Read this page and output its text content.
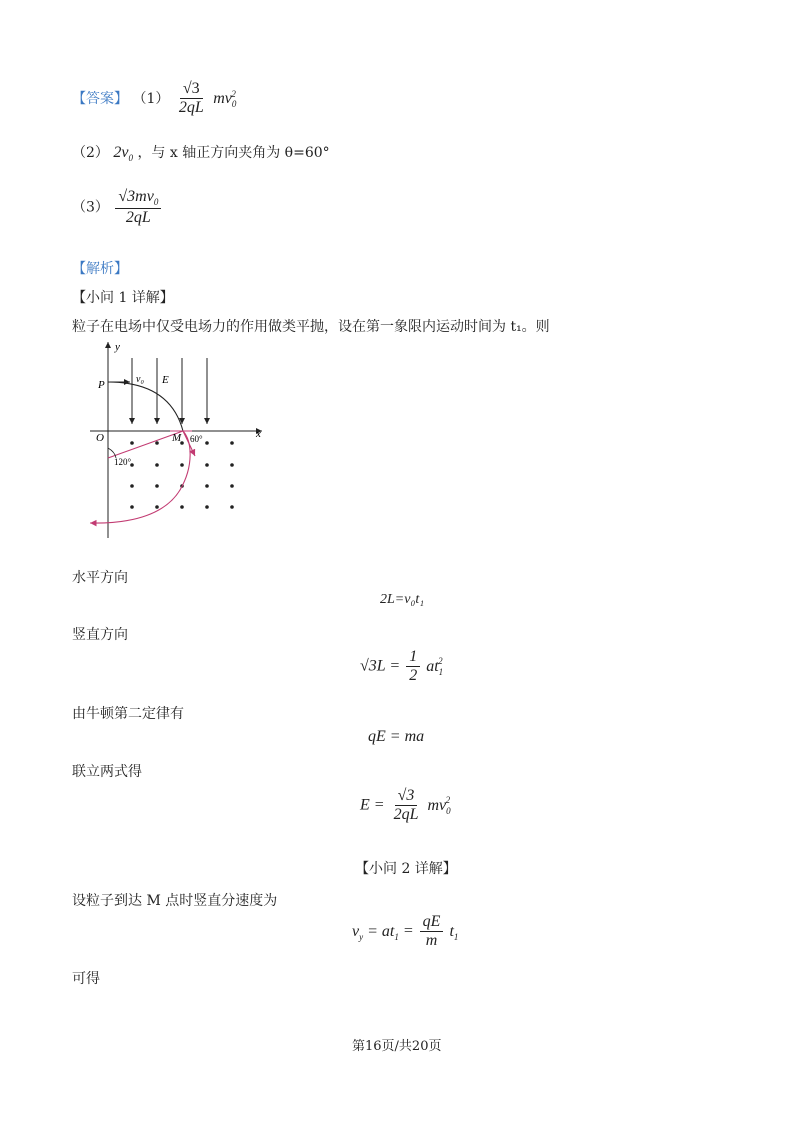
【答案】 $(1) \frac{√3}{2qL} mv_0^2$
（2） $2v_0$ ，与 x 轴正方向夹角为 θ=60°
$(3) \frac{√3mv_0}{2qL}$
【解析】
【小问 1 详解】
粒子在电场中仅受电场力的作用做类平抛，设在第一象限内运动时间为 t₁。则
y
x
O
P	v₀ E
M 60°
120°
水平方向
2L=v₀t₁
竖直方向
$√3L = \frac{1}{2} at_1^2$
由牛顿第二定律有
qE = ma
联立两式得
$E = \frac{√3}{2qL} mv_0^2$
【小问 2 详解】
设粒子到达 M 点时竖直分速度为
$v_y = at_1 = \frac{qE}{m} t_1$
可得
第16页/共20页
